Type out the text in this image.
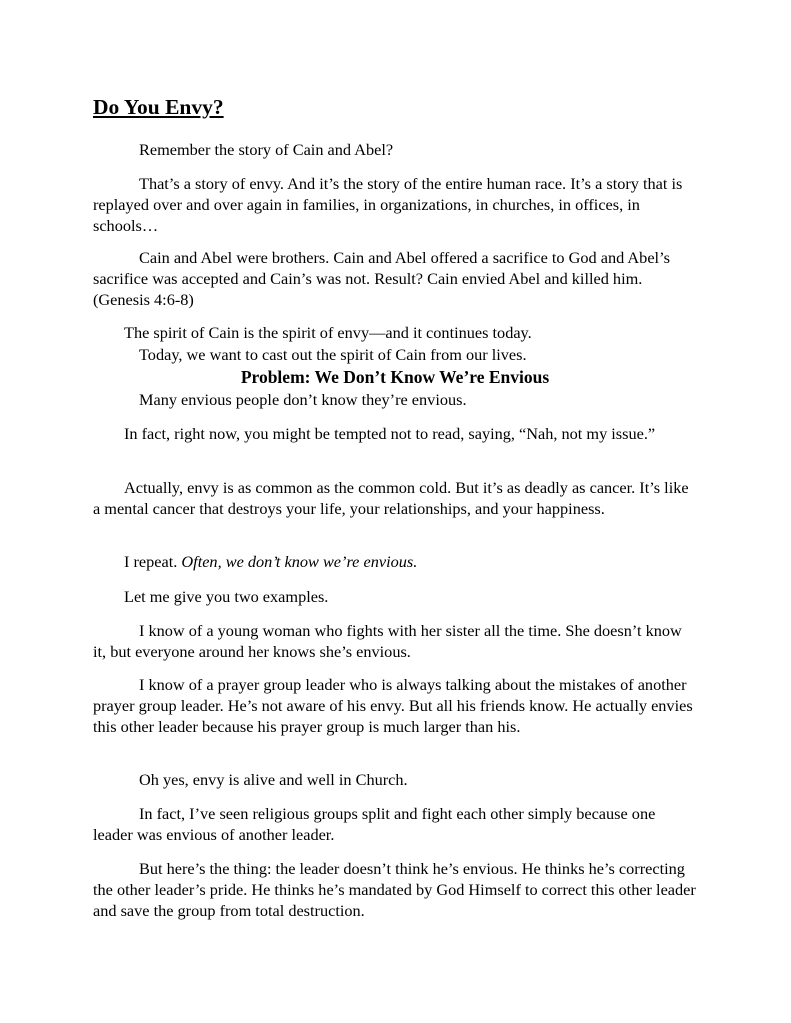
Do You Envy?

Remember the story of Cain and Abel?

That’s a story of envy. And it’s the story of the entire human race. It’s a story that is replayed over and over again in families, in organizations, in churches, in offices, in schools…

Cain and Abel were brothers. Cain and Abel offered a sacrifice to God and Abel’s sacrifice was accepted and Cain’s was not. Result? Cain envied Abel and killed him. (Genesis 4:6-8)

The spirit of Cain is the spirit of envy—and it continues today.

Today, we want to cast out the spirit of Cain from our lives.

Problem: We Don’t Know We’re Envious

Many envious people don’t know they’re envious.

In fact, right now, you might be tempted not to read, saying, “Nah, not my issue.”

Actually, envy is as common as the common cold. But it’s as deadly as cancer. It’s like a mental cancer that destroys your life, your relationships, and your happiness.

I repeat. Often, we don’t know we’re envious.

Let me give you two examples.

I know of a young woman who fights with her sister all the time. She doesn’t know it, but everyone around her knows she’s envious.

I know of a prayer group leader who is always talking about the mistakes of another prayer group leader. He’s not aware of his envy. But all his friends know. He actually envies this other leader because his prayer group is much larger than his.

Oh yes, envy is alive and well in Church.

In fact, I’ve seen religious groups split and fight each other simply because one leader was envious of another leader.

But here’s the thing: the leader doesn’t think he’s envious. He thinks he’s correcting the other leader’s pride. He thinks he’s mandated by God Himself to correct this other leader and save the group from total destruction.
